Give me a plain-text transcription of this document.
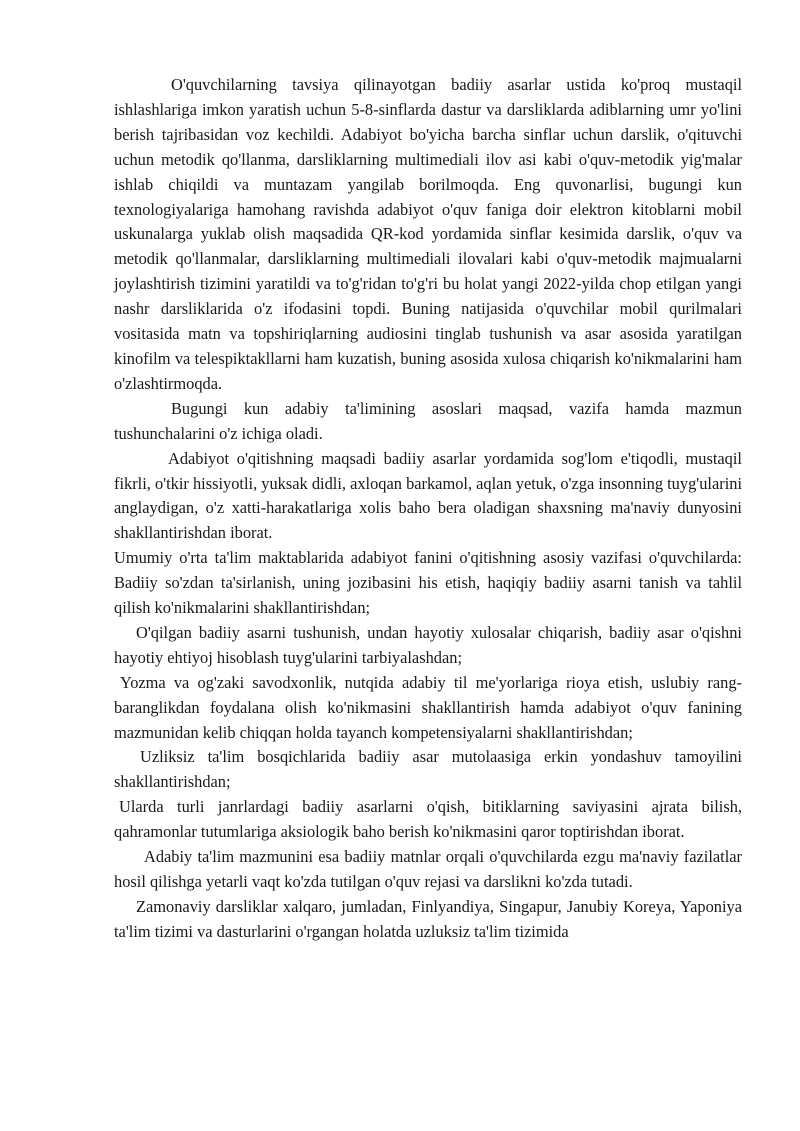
O'quvchilarning tavsiya qilinayotgan badiiy asarlar ustida ko'proq mustaqil ishlashlariga imkon yaratish uchun 5-8-sinflarda dastur va darsliklarda adiblarning umr yo'lini berish tajribasidan voz kechildi. Adabiyot bo'yicha barcha sinflar uchun darslik, o'qituvchi uchun metodik qo'llanma, darsliklarning multimediali ilov asi kabi o'quv-metodik yig'malar ishlab chiqildi va muntazam yangilab borilmoqda. Eng quvonarlisi, bugungi kun texnologiyalariga hamohang ravishda adabiyot o'quv faniga doir elektron kitoblarni mobil uskunalarga yuklab olish maqsadida QR-kod yordamida sinflar kesimida darslik, o'quv va metodik qo'llanmalar, darsliklarning multimediali ilovalari kabi o'quv-metodik majmualarni joylashtirish tizimini yaratildi va to'g'ridan to'g'ri bu holat yangi 2022-yilda chop etilgan yangi nashr darsliklarida o'z ifodasini topdi. Buning natijasida o'quvchilar mobil qurilmalari vositasida matn va topshiriqlarning audiosini tinglab tushunish va asar asosida yaratilgan kinofilm va telespiktakllarni ham kuzatish, buning asosida xulosa chiqarish ko'nikmalarini ham o'zlashtirmoqda.

Bugungi kun adabiy ta'limining asoslari maqsad, vazifa hamda mazmun tushunchalarini o'z ichiga oladi.

Adabiyot o'qitishning maqsadi badiiy asarlar yordamida sog'lom e'tiqodli, mustaqil fikrli, o'tkir hissiyotli, yuksak didli, axloqan barkamol, aqlan yetuk, o'zga insonning tuyg'ularini anglaydigan, o'z xatti-harakatlariga xolis baho bera oladigan shaxsning ma'naviy dunyosini shakllantirishdan iborat.

Umumiy o'rta ta'lim maktablarida adabiyot fanini o'qitishning asosiy vazifasi o'quvchilarda: Badiiy so'zdan ta'sirlanish, uning jozibasini his etish, haqiqiy badiiy asarni tanish va tahlil qilish ko'nikmalarini shakllantirishdan;

O'qilgan badiiy asarni tushunish, undan hayotiy xulosalar chiqarish, badiiy asar o'qishni hayotiy ehtiyoj hisoblash tuyg'ularini tarbiyalashdan;

Yozma va og'zaki savodxonlik, nutqida adabiy til me'yorlariga rioya etish, uslubiy rang-baranglikdan foydalana olish ko'nikmasini shakllantirish hamda adabiyot o'quv fanining mazmunidan kelib chiqqan holda tayanch kompetensiyalarni shakllantirishdan;

Uzliksiz ta'lim bosqichlarida badiiy asar mutolaasiga erkin yondashuv tamoyilini shakllantirishdan;

Ularda turli janrlardagi badiiy asarlarni o'qish, bitiklarning saviyasini ajrata bilish, qahramonlar tutumlariga aksiologik baho berish ko'nikmasini qaror toptirishdan iborat.

Adabiy ta'lim mazmunini esa badiiy matnlar orqali o'quvchilarda ezgu ma'naviy fazilatlar hosil qilishga yetarli vaqt ko'zda tutilgan o'quv rejasi va darslikni ko'zda tutadi.

Zamonaviy darsliklar xalqaro, jumladan, Finlyandiya, Singapur, Janubiy Koreya, Yaponiya ta'lim tizimi va dasturlarini o'rgangan holatda uzluksiz ta'lim tizimida
